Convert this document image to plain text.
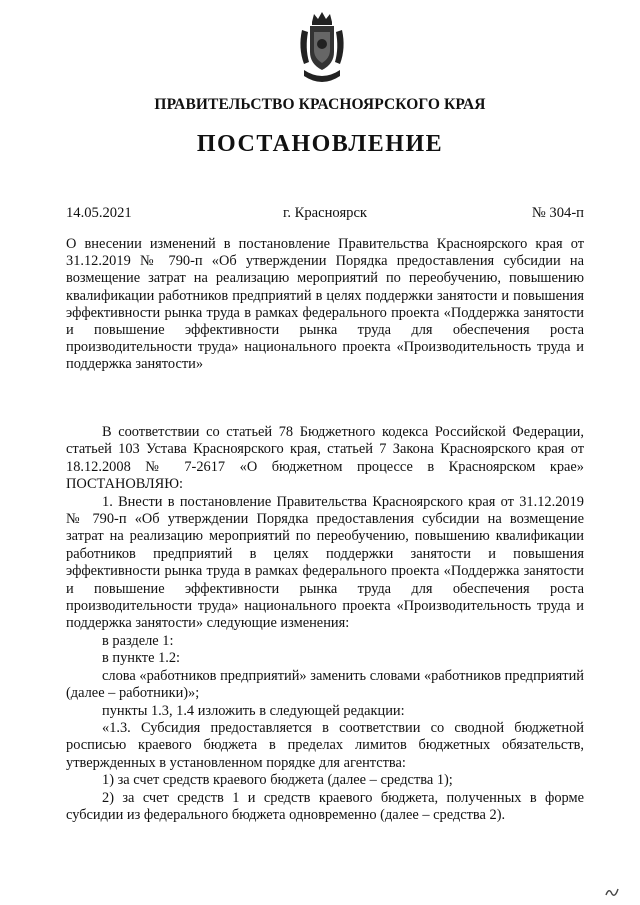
ПРАВИТЕЛЬСТВО КРАСНОЯРСКОГО КРАЯ
ПОСТАНОВЛЕНИЕ
14.05.2021	г. Красноярск	№ 304-п
О внесении изменений в постановление Правительства Красноярского края от 31.12.2019 № 790-п «Об утверждении Порядка предоставления субсидии на возмещение затрат на реализацию мероприятий по переобучению, повышению квалификации работников предприятий в целях поддержки занятости и повышения эффективности рынка труда в рамках федерального проекта «Поддержка занятости и повышение эффективности рынка труда для обеспечения роста производительности труда» национального проекта «Производительность труда и поддержка занятости»

В соответствии со статьей 78 Бюджетного кодекса Российской Федерации, статьей 103 Устава Красноярского края, статьей 7 Закона Красноярского края от 18.12.2008 № 7-2617 «О бюджетном процессе в Красноярском крае» ПОСТАНОВЛЯЮ:

1. Внести в постановление Правительства Красноярского края от 31.12.2019 № 790-п «Об утверждении Порядка предоставления субсидии на возмещение затрат на реализацию мероприятий по переобучению, повышению квалификации работников предприятий в целях поддержки занятости и повышения эффективности рынка труда в рамках федерального проекта «Поддержка занятости и повышение эффективности рынка труда для обеспечения роста производительности труда» национального проекта «Производительность труда и поддержка занятости» следующие изменения:

в разделе 1:

в пункте 1.2:

слова «работников предприятий» заменить словами «работников предприятий (далее – работники)»;

пункты 1.3, 1.4 изложить в следующей редакции:

«1.3. Субсидия предоставляется в соответствии со сводной бюджетной росписью краевого бюджета в пределах лимитов бюджетных обязательств, утвержденных в установленном порядке для агентства:

1) за счет средств краевого бюджета (далее – средства 1);

2) за счет средств 1 и средств краевого бюджета, полученных в форме субсидии из федерального бюджета одновременно (далее – средства 2).
